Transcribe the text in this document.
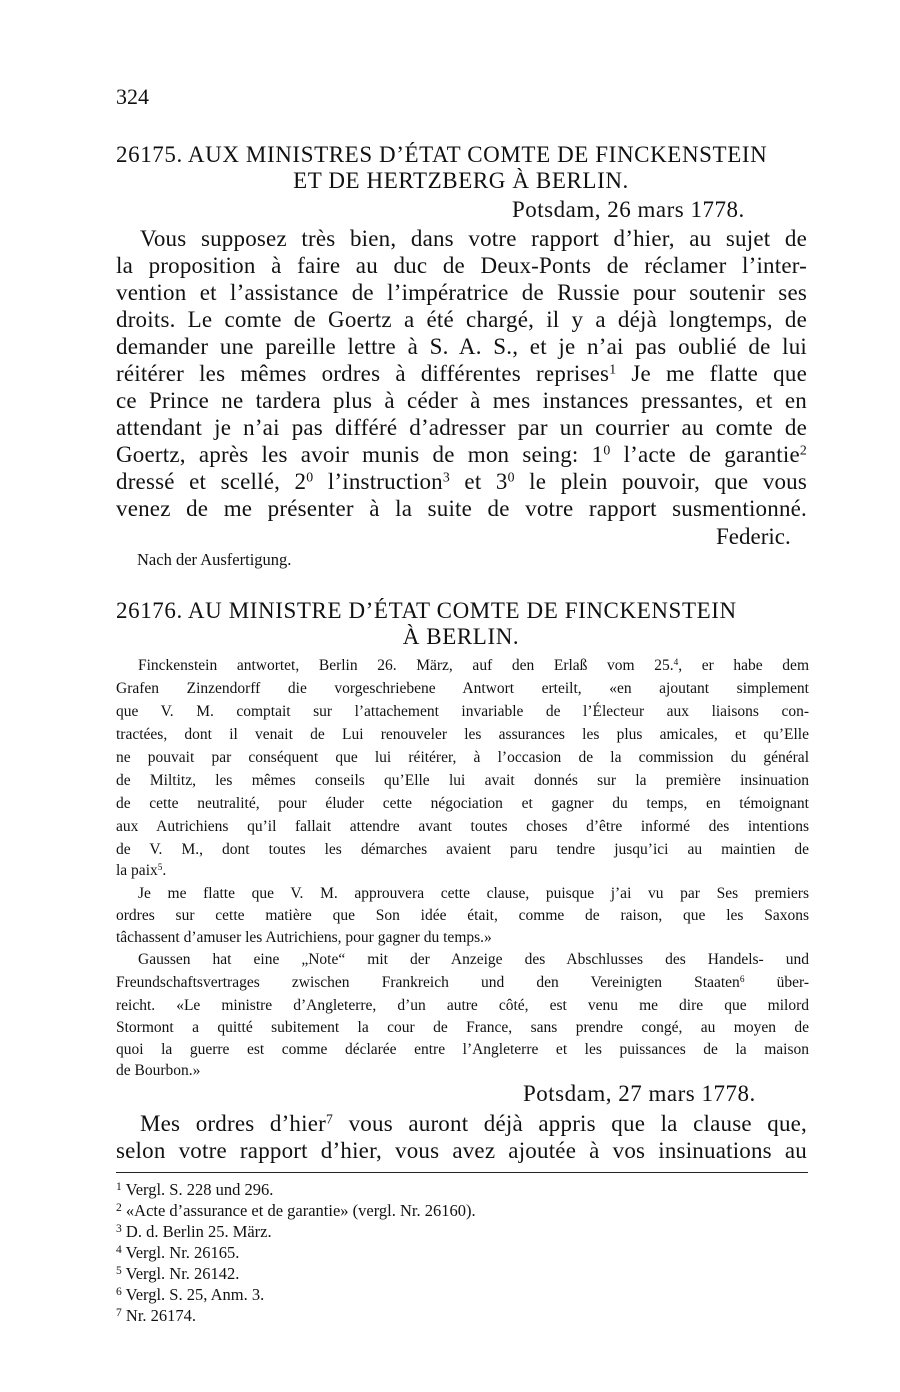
324
26175. AUX MINISTRES D’ÉTAT COMTE DE FINCKENSTEIN
ET DE HERTZBERG À BERLIN.
Potsdam, 26 mars 1778.
Vous supposez très bien, dans votre rapport d’hier, au sujet de
la proposition à faire au duc de Deux-Ponts de réclamer l’inter-
vention et l’assistance de l’impératrice de Russie pour soutenir ses
droits. Le comte de Goertz a été chargé, il y a déjà longtemps, de
demander une pareille lettre à S. A. S., et je n’ai pas oublié de lui
réitérer les mêmes ordres à différentes reprises$^1$ Je me flatte que
ce Prince ne tardera plus à céder à mes instances pressantes, et en
attendant je n’ai pas différé d’adresser par un courrier au comte de
Goertz, après les avoir munis de mon seing: $1^0$ l’acte de garantie$^2$
dressé et scellé, $2^0$ l’instruction$^3$ et $3^0$ le plein pouvoir, que vous
venez de me présenter à la suite de votre rapport susmentionné.
Federic.
Nach der Ausfertigung.
26176. AU MINISTRE D’ÉTAT COMTE DE FINCKENSTEIN
À BERLIN.
Finckenstein antwortet, Berlin 26. März, auf den Erlaß vom 25.$^4$, er habe dem
Grafen Zinzendorff die vorgeschriebene Antwort erteilt, «en ajoutant simplement
que V. M. comptait sur l’attachement invariable de l’Électeur aux liaisons con-
tractées, dont il venait de Lui renouveler les assurances les plus amicales, et qu’Elle
ne pouvait par conséquent que lui réitérer, à l’occasion de la commission du général
de Miltitz, les mêmes conseils qu’Elle lui avait donnés sur la première insinuation
de cette neutralité, pour éluder cette négociation et gagner du temps, en témoignant
aux Autrichiens qu’il fallait attendre avant toutes choses d’être informé des intentions
de V. M., dont toutes les démarches avaient paru tendre jusqu’ici au maintien de
la paix$^5$.
Je me flatte que V. M. approuvera cette clause, puisque j’ai vu par Ses premiers
ordres sur cette matière que Son idée était, comme de raison, que les Saxons
tâchassent d’amuser les Autrichiens, pour gagner du temps.»
Gaussen hat eine „Note“ mit der Anzeige des Abschlusses des Handels- und
Freundschaftsvertrages zwischen Frankreich und den Vereinigten Staaten$^6$ über-
reicht. «Le ministre d’Angleterre, d’un autre côté, est venu me dire que milord
Stormont a quitté subitement la cour de France, sans prendre congé, au moyen de
quoi la guerre est comme déclarée entre l’Angleterre et les puissances de la maison
de Bourbon.»
Potsdam, 27 mars 1778.
Mes ordres d’hier$^7$ vous auront déjà appris que la clause que,
selon votre rapport d’hier, vous avez ajoutée à vos insinuations au
$^1$ Vergl. S. 228 und 296.
$^2$ «Acte d’assurance et de garantie» (vergl. Nr. 26160).
$^3$ D. d. Berlin 25. März.
$^4$ Vergl. Nr. 26165.
$^5$ Vergl. Nr. 26142.
$^6$ Vergl. S. 25, Anm. 3.
$^7$ Nr. 26174.
